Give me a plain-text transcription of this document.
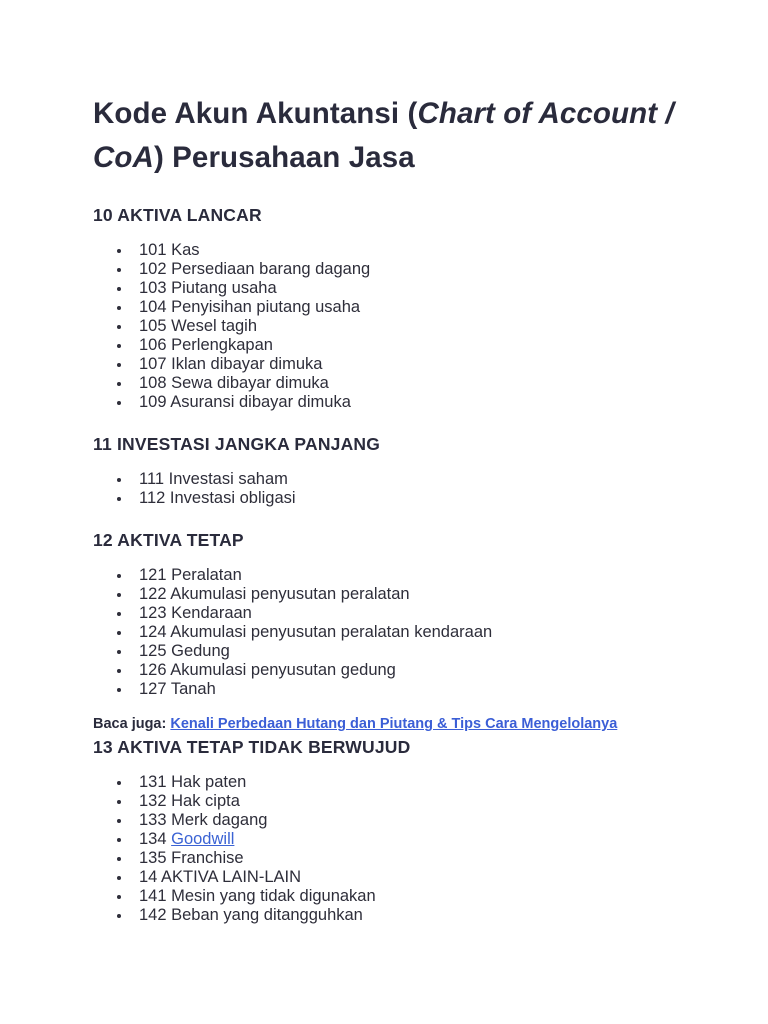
Kode Akun Akuntansi (Chart of Account / CoA) Perusahaan Jasa
10 AKTIVA LANCAR
101 Kas
102 Persediaan barang dagang
103 Piutang usaha
104 Penyisihan piutang usaha
105 Wesel tagih
106 Perlengkapan
107 Iklan dibayar dimuka
108 Sewa dibayar dimuka
109 Asuransi dibayar dimuka
11 INVESTASI JANGKA PANJANG
111 Investasi saham
112 Investasi obligasi
12 AKTIVA TETAP
121 Peralatan
122 Akumulasi penyusutan peralatan
123 Kendaraan
124 Akumulasi penyusutan peralatan kendaraan
125 Gedung
126 Akumulasi penyusutan gedung
127 Tanah
Baca juga: Kenali Perbedaan Hutang dan Piutang & Tips Cara Mengelolanya
13 AKTIVA TETAP TIDAK BERWUJUD
131 Hak paten
132 Hak cipta
133 Merk dagang
134 Goodwill
135 Franchise
14 AKTIVA LAIN-LAIN
141 Mesin yang tidak digunakan
142 Beban yang ditangguhkan
